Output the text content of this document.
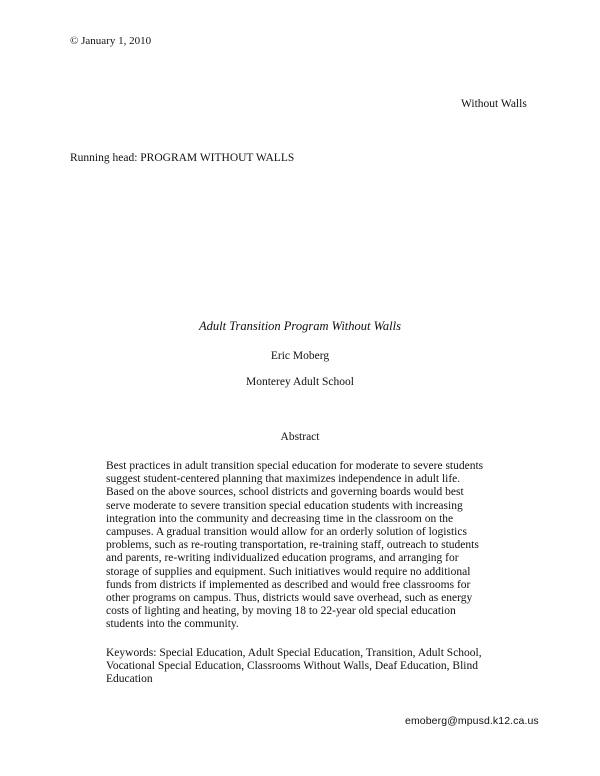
© January 1, 2010
Without Walls
Running head: PROGRAM WITHOUT WALLS
Adult Transition Program Without Walls
Eric Moberg
Monterey Adult School
Abstract
Best practices in adult transition special education for moderate to severe students
suggest student-centered planning that maximizes independence in adult life.
Based on the above sources, school districts and governing boards would best
serve moderate to severe transition special education students with increasing
integration into the community and decreasing time in the classroom on the
campuses. A gradual transition would allow for an orderly solution of logistics
problems, such as re-routing transportation, re-training staff, outreach to students
and parents, re-writing individualized education programs, and arranging for
storage of supplies and equipment. Such initiatives would require no additional
funds from districts if implemented as described and would free classrooms for
other programs on campus. Thus, districts would save overhead, such as energy
costs of lighting and heating, by moving 18 to 22-year old special education
students into the community.
Keywords: Special Education, Adult Special Education, Transition, Adult School,
Vocational Special Education, Classrooms Without Walls, Deaf Education, Blind
Education
emoberg@mpusd.k12.ca.us
